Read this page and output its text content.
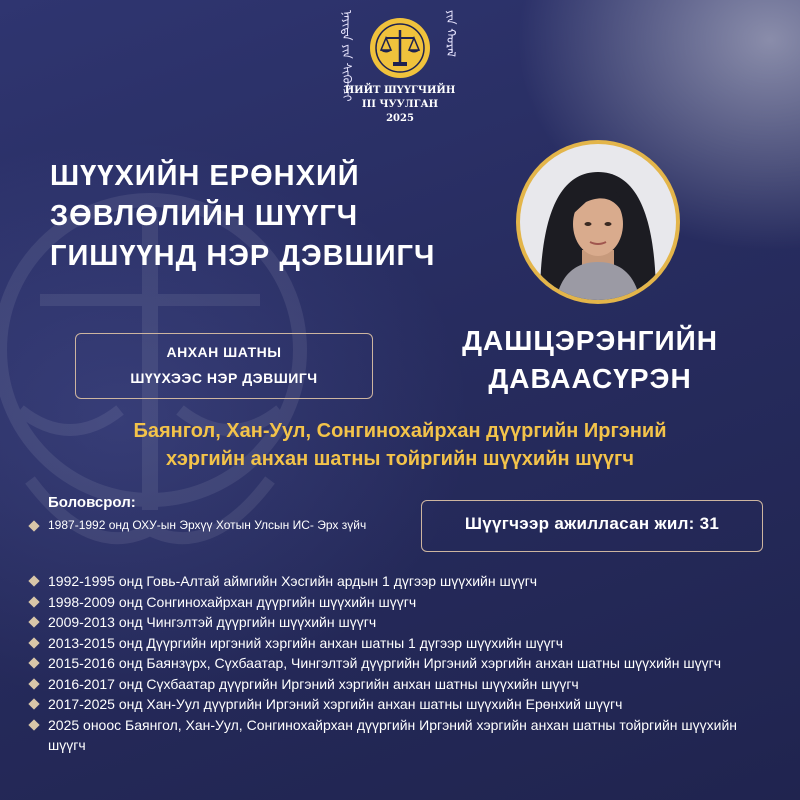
ᠨᠡᠶᠢᠲᠡ ᠶᠢᠨ ᠰᠢᠭᠦᠭᠴᠢ	ᠶᠢᠨ ᠬᠤᠷᠠᠯ
НИЙТ ШҮҮГЧИЙН
III ЧУУЛГАН
2025
ШҮҮХИЙН ЕРӨНХИЙ
ЗӨВЛӨЛИЙН ШҮҮГЧ
ГИШҮҮНД НЭР ДЭВШИГЧ
АНХАН ШАТНЫ
ШҮҮХЭЭС НЭР ДЭВШИГЧ
ДАШЦЭРЭНГИЙН
ДАВААСҮРЭН
Баянгол, Хан-Уул, Сонгинохайрхан дүүргийн Иргэний
хэргийн анхан шатны тойргийн шүүхийн шүүгч
Боловсрол:
1987-1992 онд ОХУ-ын Эрхүү Хотын Улсын ИС- Эрх зүйч	Шүүгчээр ажилласан жил: 31
1992-1995 онд Говь-Алтай аймгийн Хэсгийн ардын 1 дүгээр шүүхийн шүүгч
1998-2009 онд Сонгинохайрхан дүүргийн шүүхийн шүүгч
2009-2013 онд Чингэлтэй дүүргийн шүүхийн шүүгч
2013-2015 онд Дүүргийн иргэний хэргийн анхан шатны 1 дүгээр шүүхийн шүүгч
2015-2016 онд Баянзүрх, Сүхбаатар, Чингэлтэй дүүргийн Иргэний хэргийн анхан шатны шүүхийн шүүгч
2016-2017 онд Сүхбаатар дүүргийн Иргэний хэргийн анхан шатны шүүхийн шүүгч
2017-2025 онд Хан-Уул дүүргийн Иргэний хэргийн анхан шатны шүүхийн Ерөнхий шүүгч
2025 оноос Баянгол, Хан-Уул, Сонгинохайрхан дүүргийн Иргэний хэргийн анхан шатны тойргийн шүүхийн шүүгч
